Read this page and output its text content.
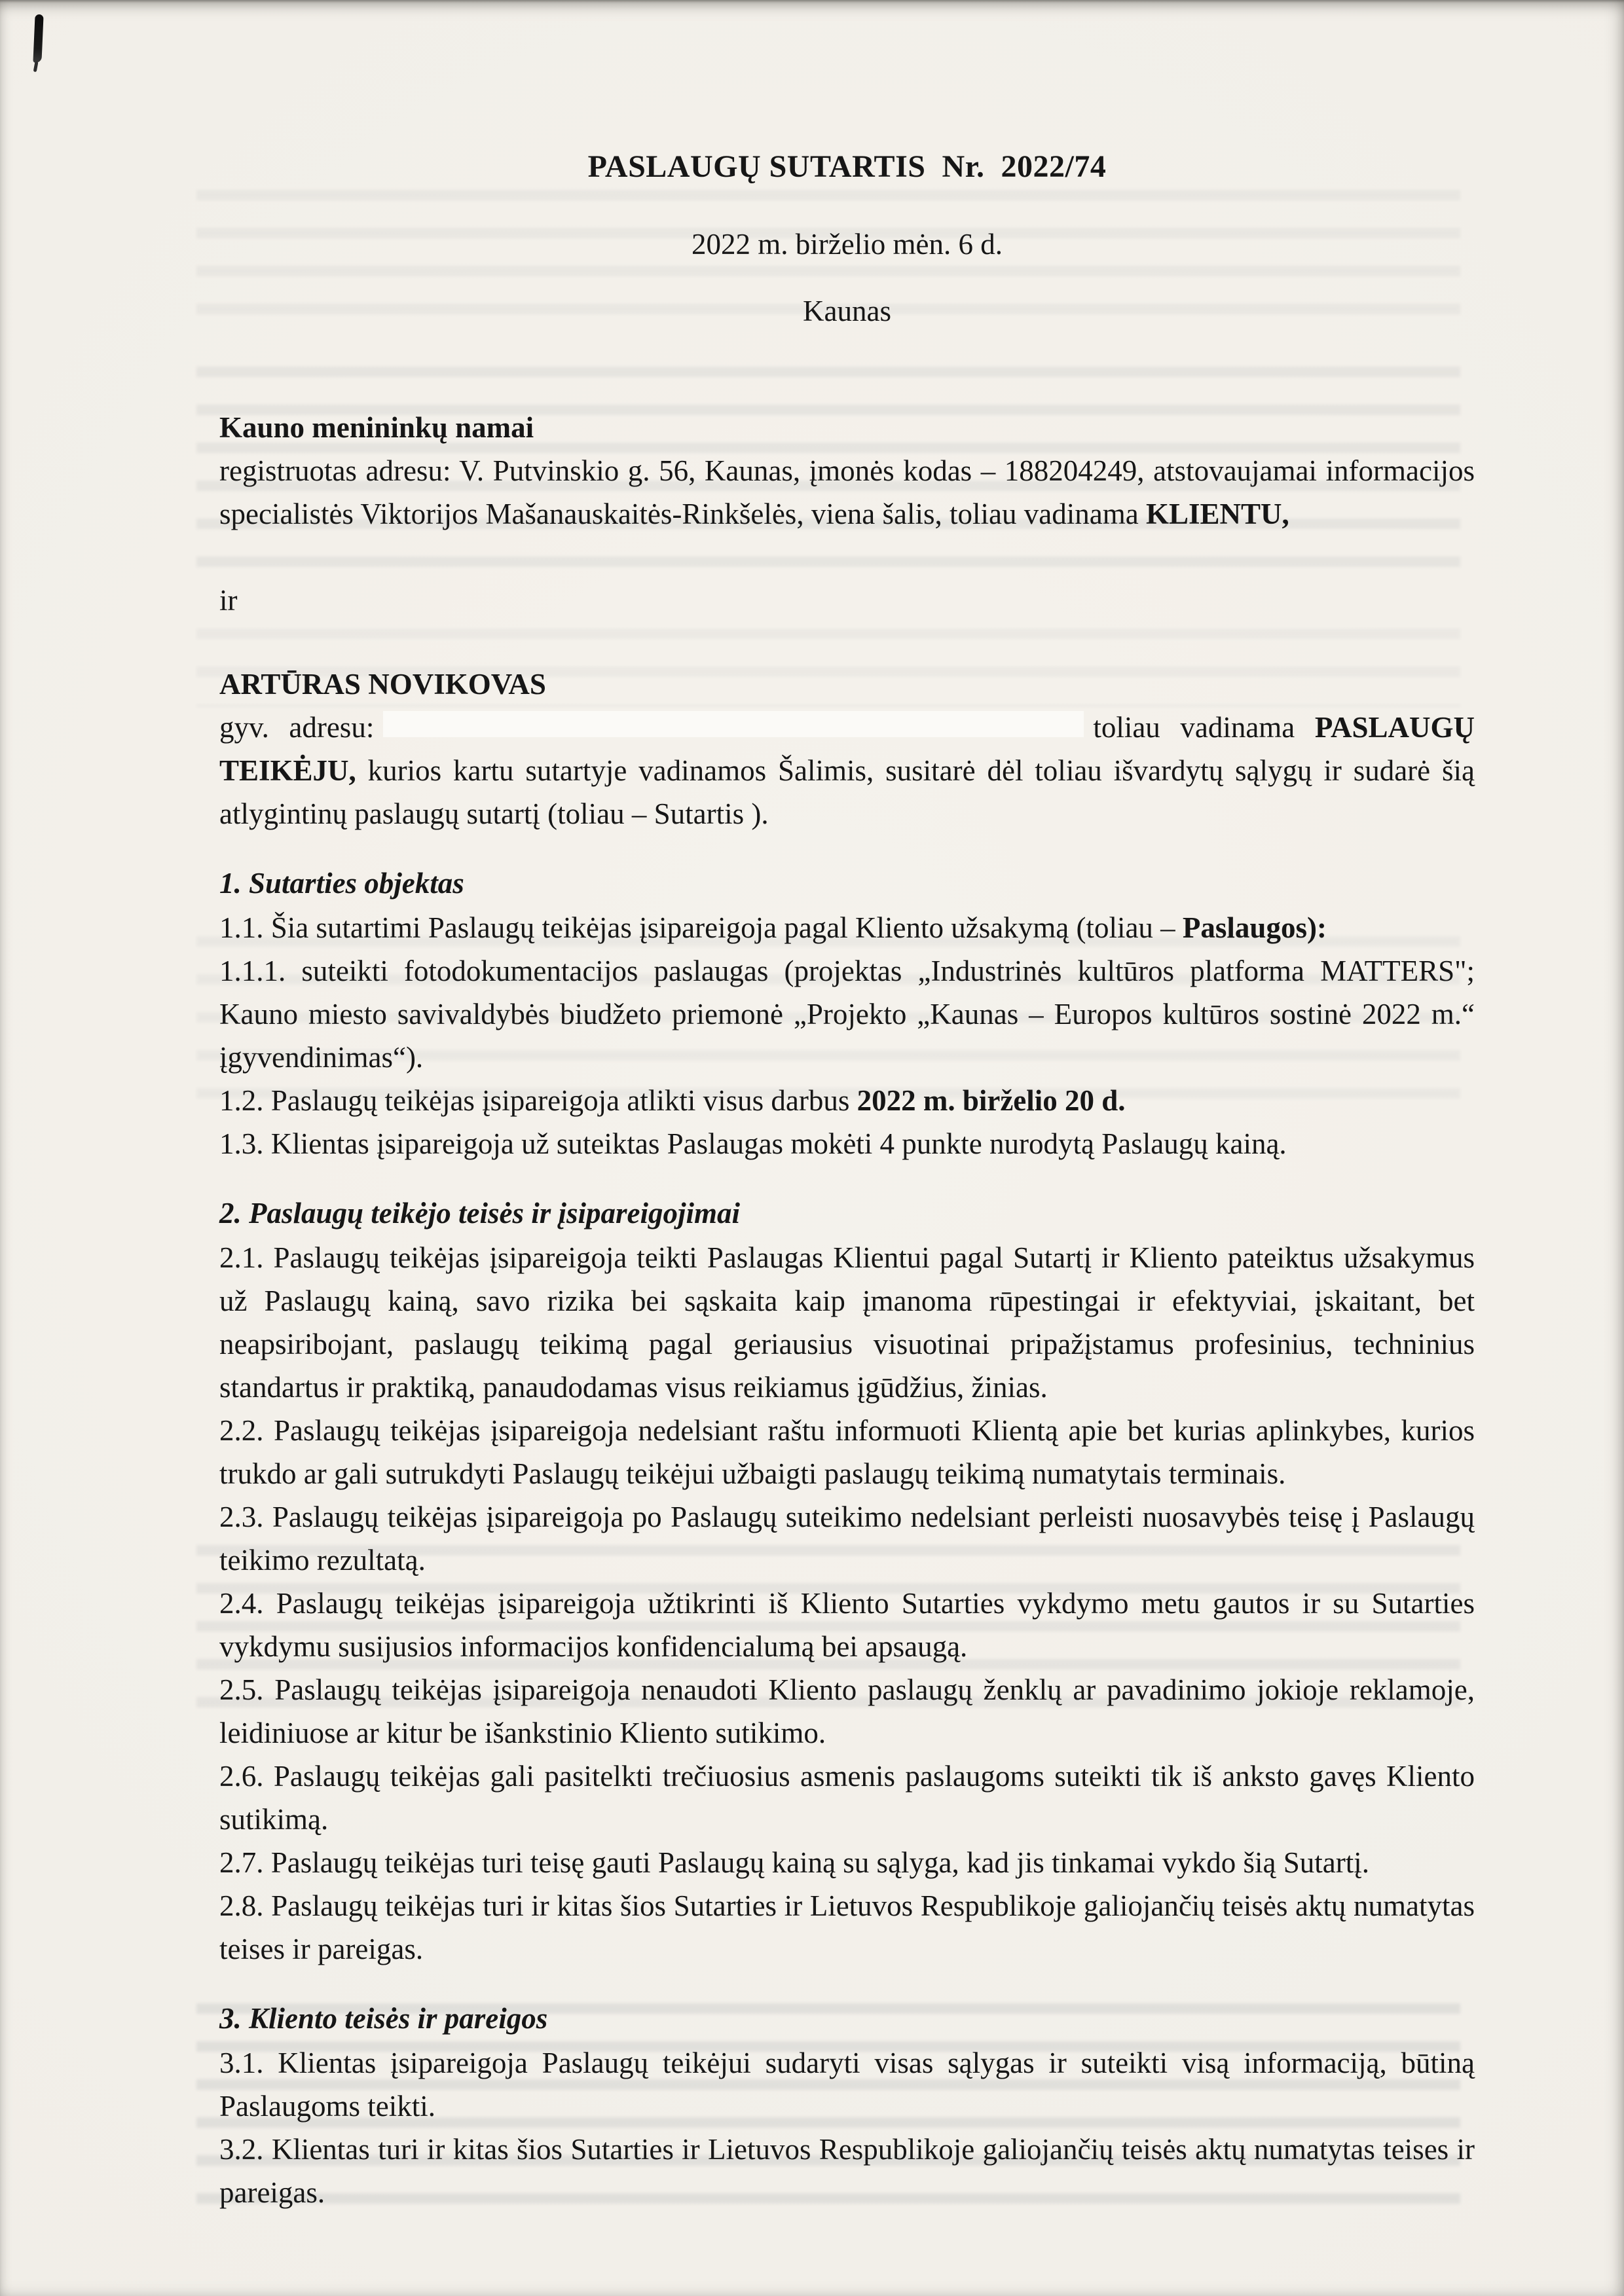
PASLAUGŲ SUTARTIS  Nr.  2022/74

2022 m. birželio mėn. 6 d.

Kaunas

Kauno menininkų namai

registruotas adresu: V. Putvinskio g. 56, Kaunas, įmonės kodas – 188204249, atstovaujamai informacijos specialistės Viktorijos Mašanauskaitės-Rinkšelės, viena šalis, toliau vadinama KLIENTU,

ir

ARTŪRAS NOVIKOVAS

gyv. adresu:	toliau vadinama PASLAUGŲ TEIKĖJU, kurios kartu sutartyje vadinamos Šalimis, susitarė dėl toliau išvardytų sąlygų ir sudarė šią atlygintinų paslaugų sutartį (toliau – Sutartis ).

1. Sutarties objektas

1.1. Šia sutartimi Paslaugų teikėjas įsipareigoja pagal Kliento užsakymą (toliau – Paslaugos):

1.1.1. suteikti fotodokumentacijos paslaugas (projektas „Industrinės kultūros platforma MATTERS"; Kauno miesto savivaldybės biudžeto priemonė „Projekto „Kaunas – Europos kultūros sostinė 2022 m.“ įgyvendinimas“).

1.2. Paslaugų teikėjas įsipareigoja atlikti visus darbus 2022 m. birželio 20 d.

1.3. Klientas įsipareigoja už suteiktas Paslaugas mokėti 4 punkte nurodytą Paslaugų kainą.

2. Paslaugų teikėjo teisės ir įsipareigojimai

2.1. Paslaugų teikėjas įsipareigoja teikti Paslaugas Klientui pagal Sutartį ir Kliento pateiktus užsakymus už Paslaugų kainą, savo rizika bei sąskaita kaip įmanoma rūpestingai ir efektyviai, įskaitant, bet neapsiribojant, paslaugų teikimą pagal geriausius visuotinai pripažįstamus profesinius, techninius standartus ir praktiką, panaudodamas visus reikiamus įgūdžius, žinias.

2.2. Paslaugų teikėjas įsipareigoja nedelsiant raštu informuoti Klientą apie bet kurias aplinkybes, kurios trukdo ar gali sutrukdyti Paslaugų teikėjui užbaigti paslaugų teikimą numatytais terminais.

2.3. Paslaugų teikėjas įsipareigoja po Paslaugų suteikimo nedelsiant perleisti nuosavybės teisę į Paslaugų teikimo rezultatą.

2.4. Paslaugų teikėjas įsipareigoja užtikrinti iš Kliento Sutarties vykdymo metu gautos ir su Sutarties vykdymu susijusios informacijos konfidencialumą bei apsaugą.

2.5. Paslaugų teikėjas įsipareigoja nenaudoti Kliento paslaugų ženklų ar pavadinimo jokioje reklamoje, leidiniuose ar kitur be išankstinio Kliento sutikimo.

2.6. Paslaugų teikėjas gali pasitelkti trečiuosius asmenis paslaugoms suteikti tik iš anksto gavęs Kliento sutikimą.

2.7. Paslaugų teikėjas turi teisę gauti Paslaugų kainą su sąlyga, kad jis tinkamai vykdo šią Sutartį.

2.8. Paslaugų teikėjas turi ir kitas šios Sutarties ir Lietuvos Respublikoje galiojančių teisės aktų numatytas teises ir pareigas.

3. Kliento teisės ir pareigos

3.1. Klientas įsipareigoja Paslaugų teikėjui sudaryti visas sąlygas ir suteikti visą informaciją, būtiną Paslaugoms teikti.

3.2. Klientas turi ir kitas šios Sutarties ir Lietuvos Respublikoje galiojančių teisės aktų numatytas teises ir pareigas.
